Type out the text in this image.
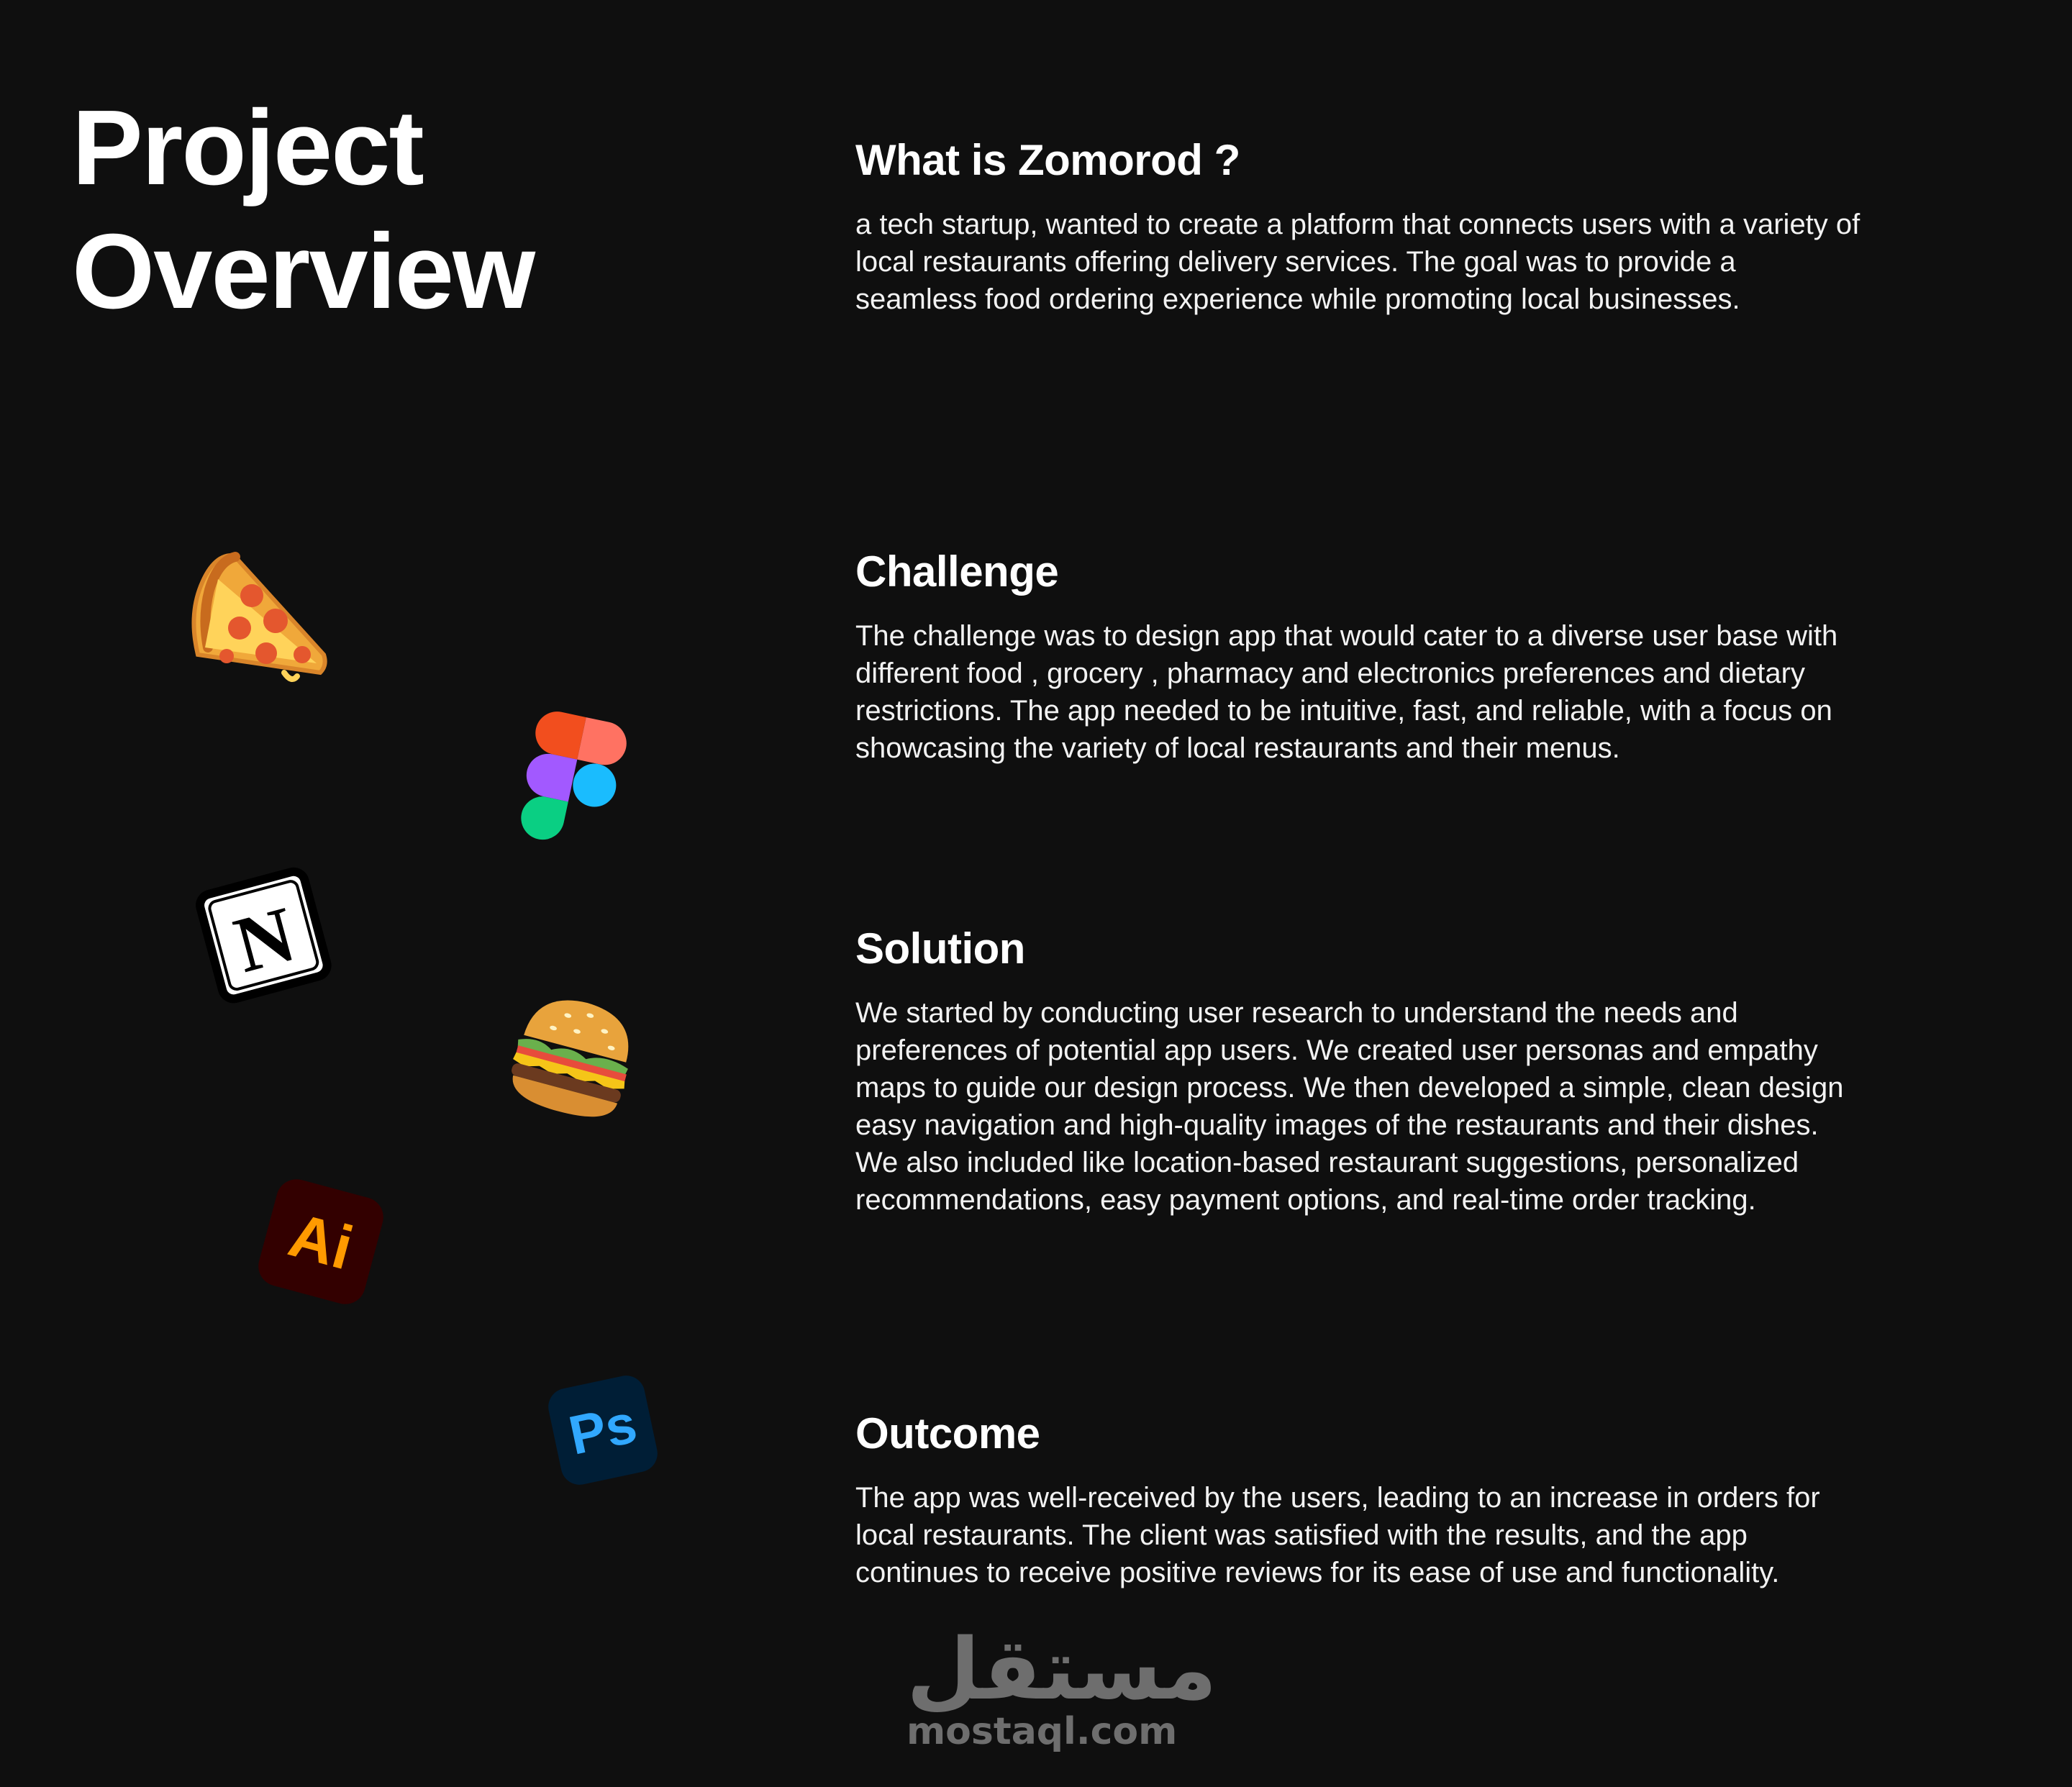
Project
Overview
What is Zomorod ?

a tech startup, wanted to create a platform that connects users with a variety of local restaurants offering delivery services. The goal was to provide a seamless food ordering experience while promoting local businesses.

Challenge

The challenge was to design app that would cater to a diverse user base with different food , grocery , pharmacy and electronics preferences and dietary restrictions. The app needed to be intuitive, fast, and reliable, with a focus on showcasing the variety of local restaurants and their menus.

Solution

We started by conducting user research to understand the needs and preferences of potential app users. We created user personas and empathy maps to guide our design process. We then developed a simple, clean design easy navigation and high-quality images of the restaurants and their dishes. We also included like location-based restaurant suggestions, personalized recommendations, easy payment options, and real-time order tracking.

Outcome

The app was well-received by the users, leading to an increase in orders for local restaurants. The client was satisfied with the results, and the app continues to receive positive reviews for its ease of use and functionality.

N
Ai
Ps
مستقل
mostaql.com
